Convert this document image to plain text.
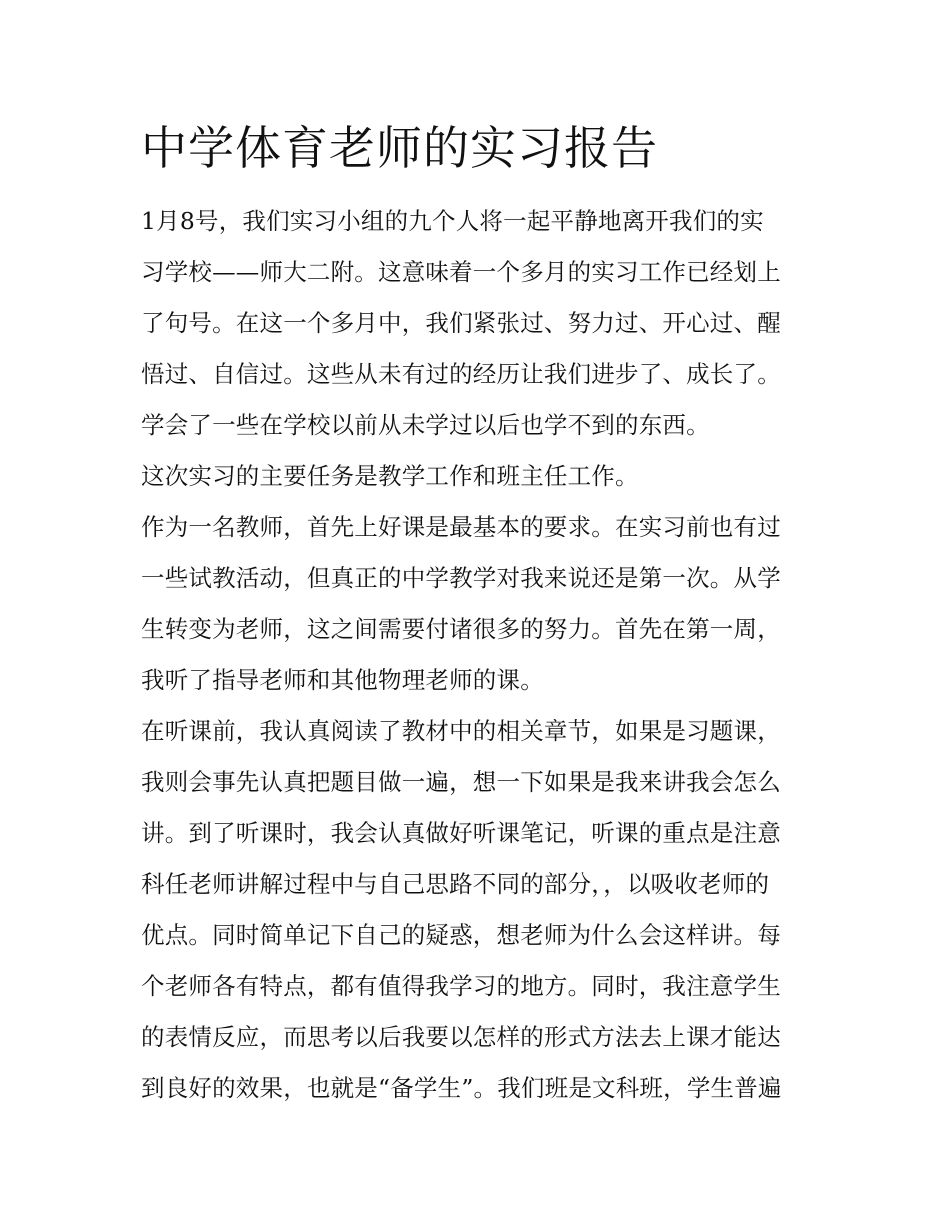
中学体育老师的实习报告

1月8号，我们实习小组的九个人将一起平静地离开我们的实

习学校——师大二附。这意味着一个多月的实习工作已经划上

了句号。在这一个多月中，我们紧张过、努力过、开心过、醒

悟过、自信过。这些从未有过的经历让我们进步了、成长了。

学会了一些在学校以前从未学过以后也学不到的东西。

这次实习的主要任务是教学工作和班主任工作。

作为一名教师，首先上好课是最基本的要求。在实习前也有过

一些试教活动，但真正的中学教学对我来说还是第一次。从学

生转变为老师，这之间需要付诸很多的努力。首先在第一周，

我听了指导老师和其他物理老师的课。

在听课前，我认真阅读了教材中的相关章节，如果是习题课，

我则会事先认真把题目做一遍，想一下如果是我来讲我会怎么

讲。到了听课时，我会认真做好听课笔记，听课的重点是注意

科任老师讲解过程中与自己思路不同的部分，，以吸收老师的

优点。同时简单记下自己的疑惑，想老师为什么会这样讲。每

个老师各有特点，都有值得我学习的地方。同时，我注意学生

的表情反应，而思考以后我要以怎样的形式方法去上课才能达

到良好的效果，也就是“备学生”。我们班是文科班，学生普遍
